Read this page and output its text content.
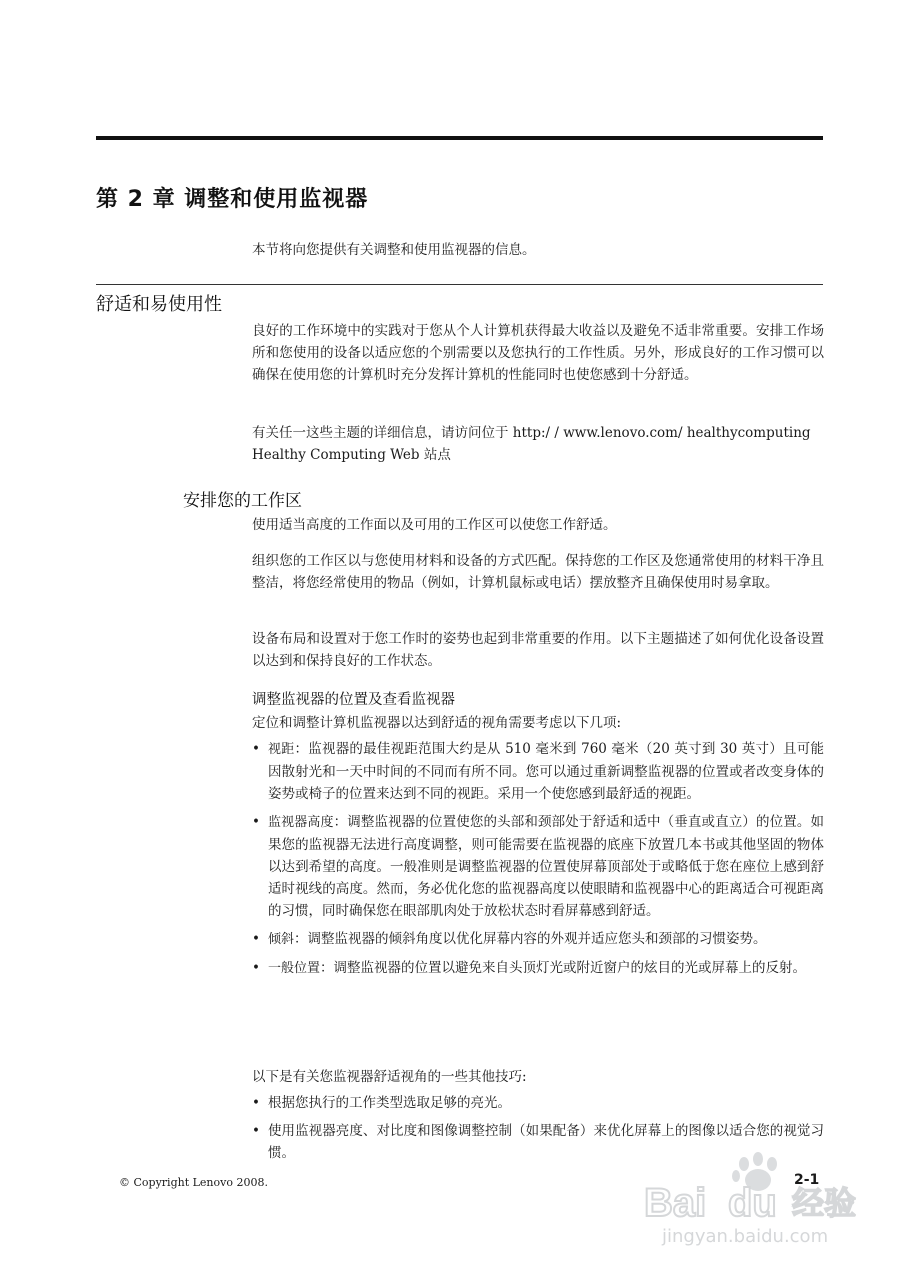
第 2 章 调整和使用监视器

本节将向您提供有关调整和使用监视器的信息。

舒适和易使用性

良好的工作环境中的实践对于您从个人计算机获得最大收益以及避免不适非常重要。安排工作场所和您使用的设备以适应您的个别需要以及您执行的工作性质。另外，形成良好的工作习惯可以确保在使用您的计算机时充分发挥计算机的性能同时也使您感到十分舒适。

有关任一这些主题的详细信息，请访问位于 http:/ / www.lenovo.com/ healthycomputing Healthy Computing Web 站点

安排您的工作区

使用适当高度的工作面以及可用的工作区可以使您工作舒适。

组织您的工作区以与您使用材料和设备的方式匹配。保持您的工作区及您通常使用的材料干净且整洁，将您经常使用的物品（例如，计算机鼠标或电话）摆放整齐且确保使用时易拿取。

设备布局和设置对于您工作时的姿势也起到非常重要的作用。以下主题描述了如何优化设备设置以达到和保持良好的工作状态。

调整监视器的位置及查看监视器

定位和调整计算机监视器以达到舒适的视角需要考虑以下几项:

• 视距：监视器的最佳视距范围大约是从 510 毫米到 760 毫米（20 英寸到 30 英寸）且可能因散射光和一天中时间的不同而有所不同。您可以通过重新调整监视器的位置或者改变身体的姿势或椅子的位置来达到不同的视距。采用一个使您感到最舒适的视距。
• 监视器高度：调整监视器的位置使您的头部和颈部处于舒适和适中（垂直或直立）的位置。如果您的监视器无法进行高度调整，则可能需要在监视器的底座下放置几本书或其他坚固的物体以达到希望的高度。一般准则是调整监视器的位置使屏幕顶部处于或略低于您在座位上感到舒适时视线的高度。然而，务必优化您的监视器高度以使眼睛和监视器中心的距离适合可视距离的习惯，同时确保您在眼部肌肉处于放松状态时看屏幕感到舒适。
• 倾斜：调整监视器的倾斜角度以优化屏幕内容的外观并适应您头和颈部的习惯姿势。
• 一般位置：调整监视器的位置以避免来自头顶灯光或附近窗户的炫目的光或屏幕上的反射。

以下是有关您监视器舒适视角的一些其他技巧:

• 根据您执行的工作类型选取足够的亮光。
• 使用监视器亮度、对比度和图像调整控制（如果配备）来优化屏幕上的图像以适合您的视觉习惯。

© Copyright Lenovo 2008.	2-1

Bai du 经验
jingyan.baidu.com
